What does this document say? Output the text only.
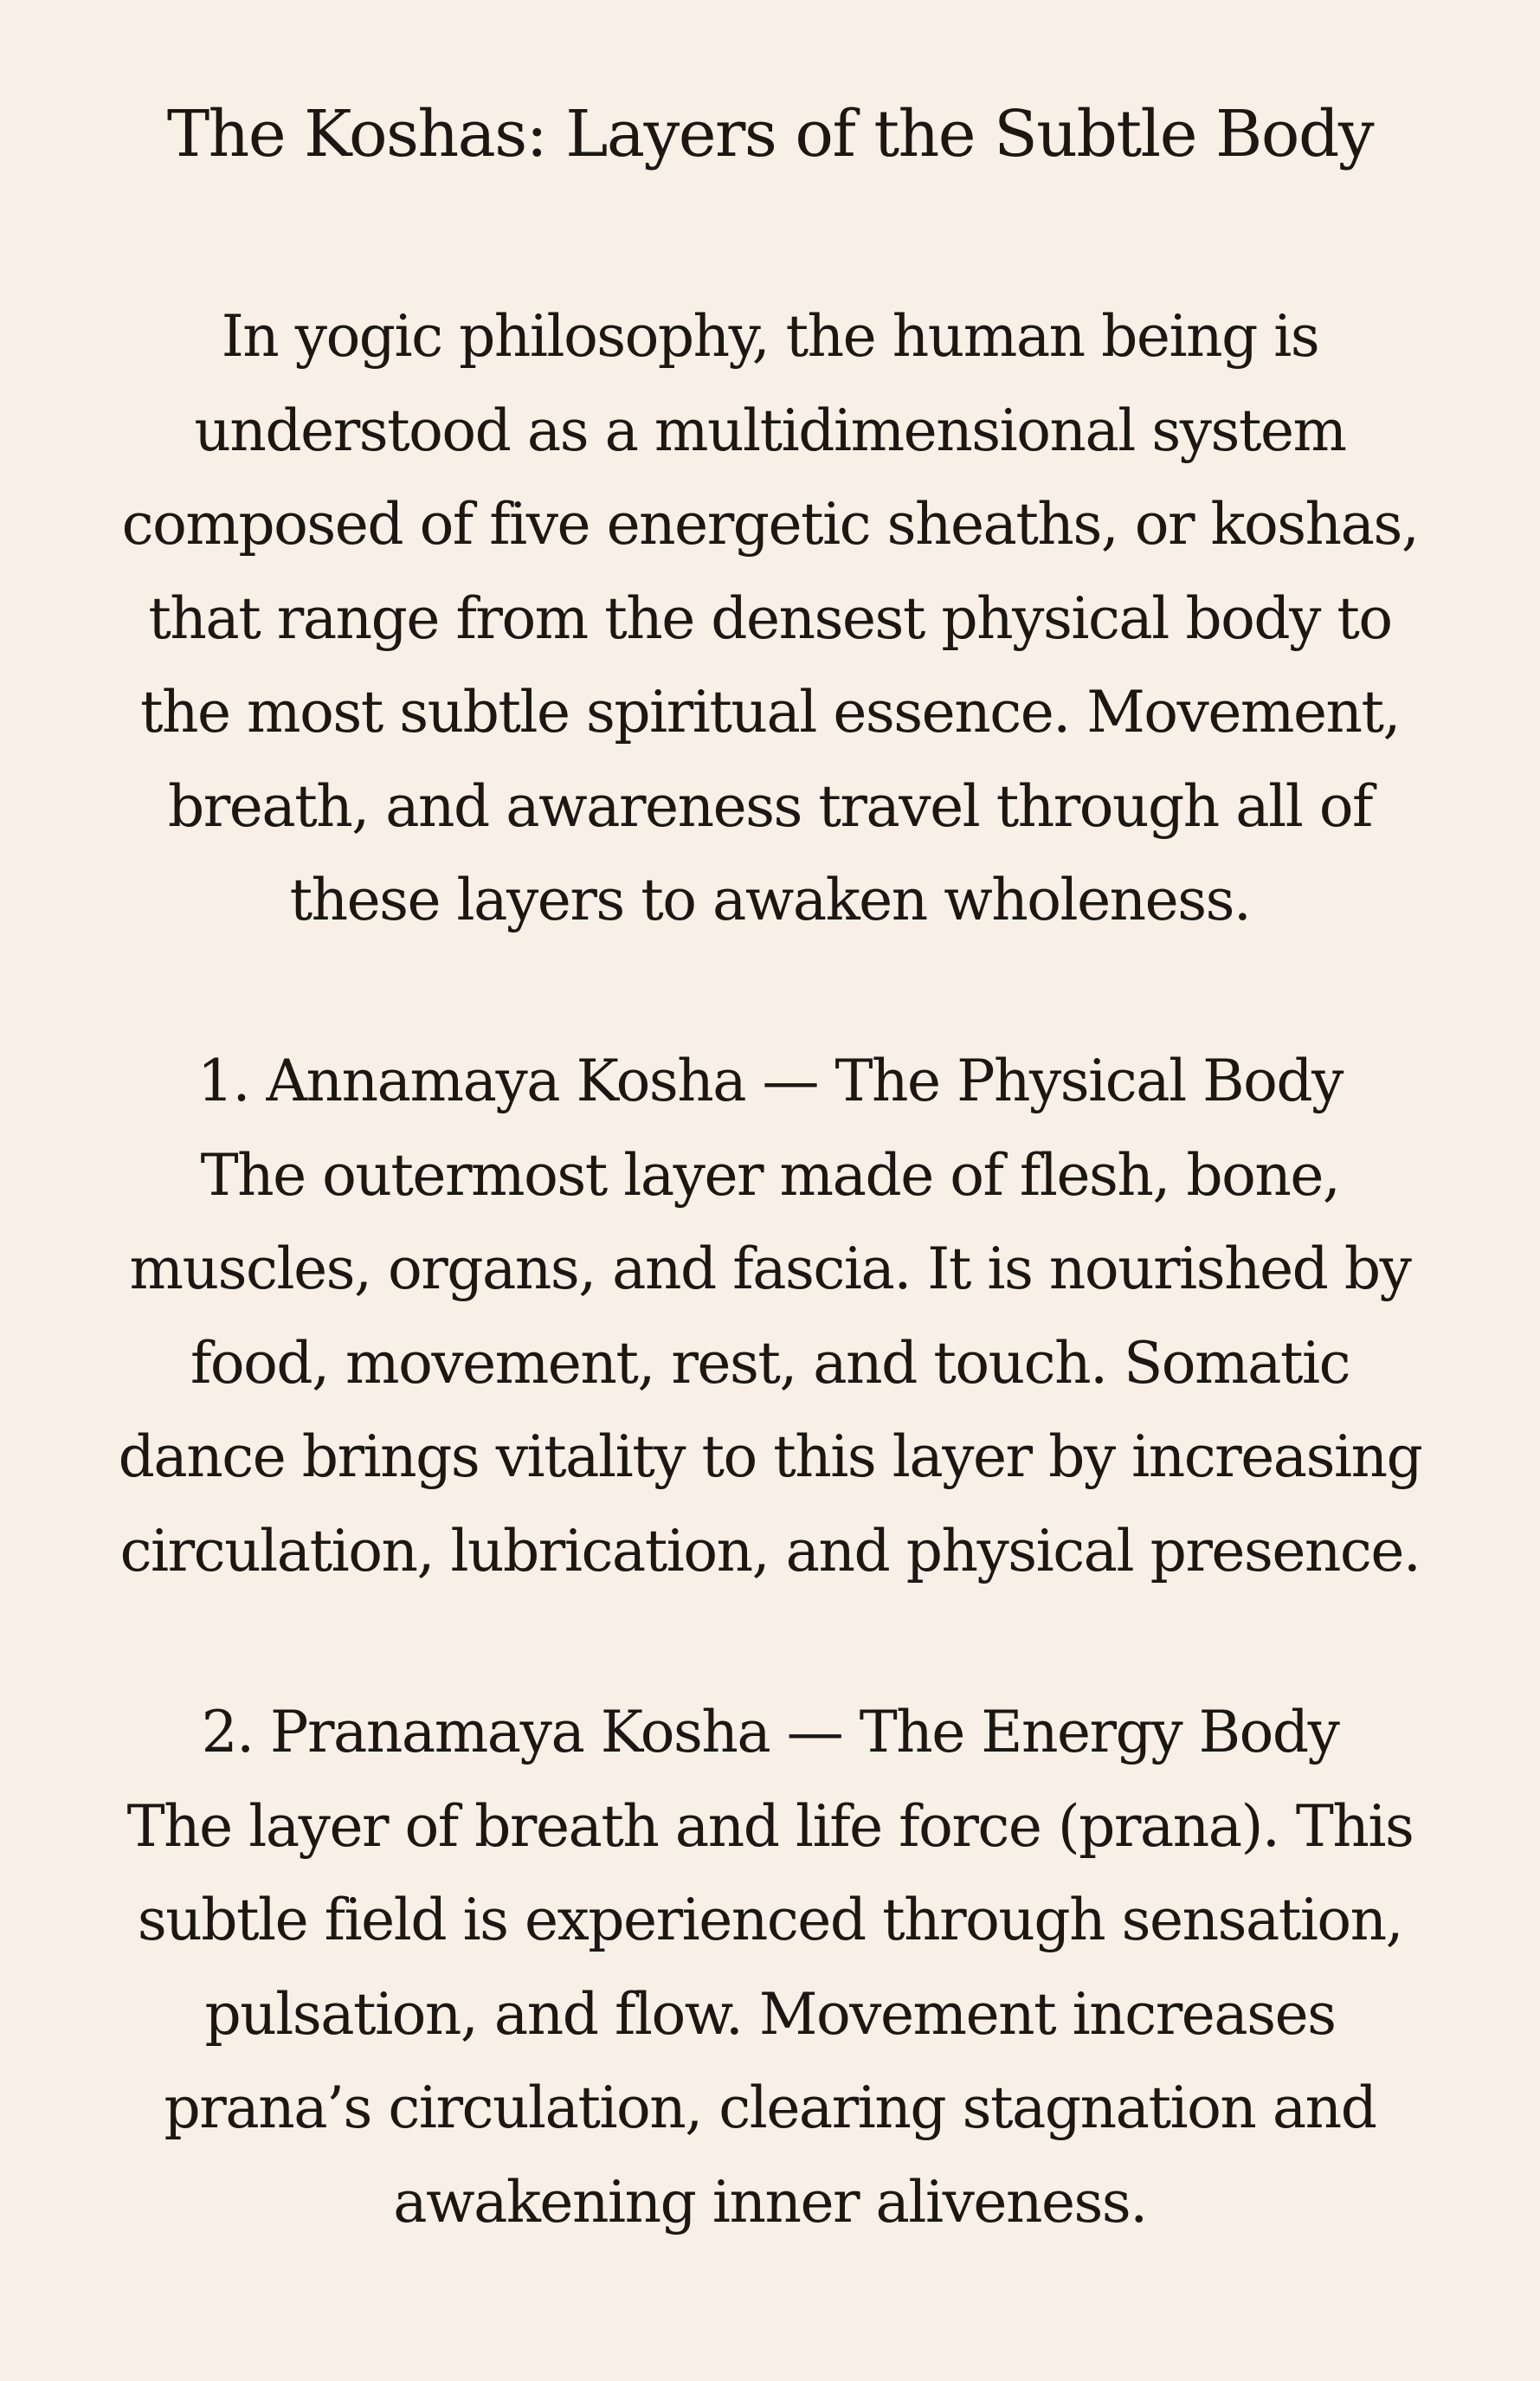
The Koshas: Layers of the Subtle Body
In yogic philosophy, the human being is
understood as a multidimensional system
composed of five energetic sheaths, or koshas,
that range from the densest physical body to
the most subtle spiritual essence. Movement,
breath, and awareness travel through all of
these layers to awaken wholeness.
1. Annamaya Kosha — The Physical Body
The outermost layer made of flesh, bone,
muscles, organs, and fascia. It is nourished by
food, movement, rest, and touch. Somatic
dance brings vitality to this layer by increasing
circulation, lubrication, and physical presence.
2. Pranamaya Kosha — The Energy Body
The layer of breath and life force (prana). This
subtle field is experienced through sensation,
pulsation, and flow. Movement increases
prana’s circulation, clearing stagnation and
awakening inner aliveness.
